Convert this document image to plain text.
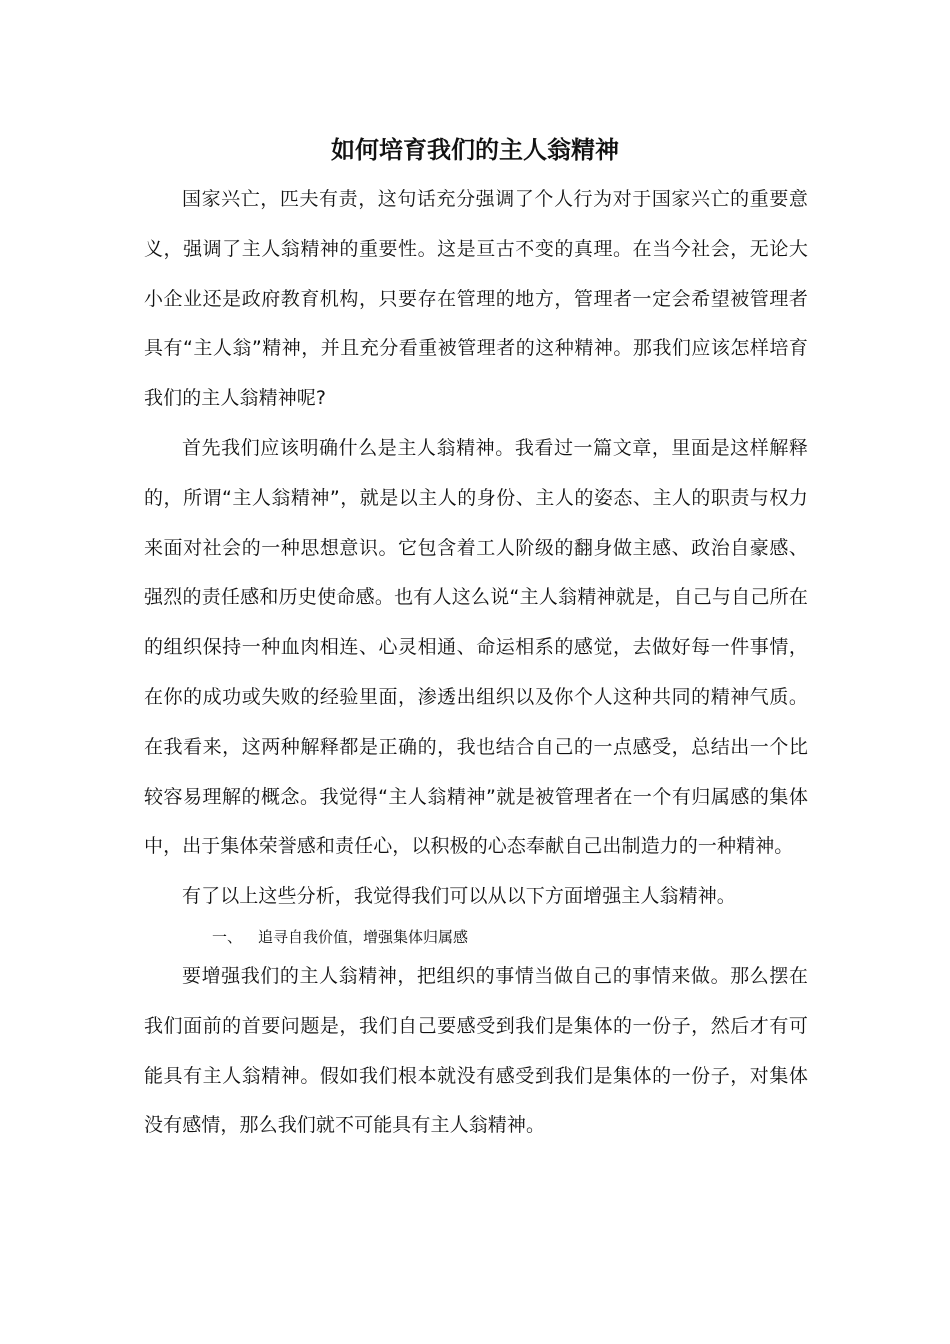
如何培育我们的主人翁精神

国家兴亡，匹夫有责，这句话充分强调了个人行为对于国家兴亡的重要意义，强调了主人翁精神的重要性。这是亘古不变的真理。在当今社会，无论大小企业还是政府教育机构，只要存在管理的地方，管理者一定会希望被管理者具有“主人翁”精神，并且充分看重被管理者的这种精神。那我们应该怎样培育我们的主人翁精神呢?

首先我们应该明确什么是主人翁精神。我看过一篇文章，里面是这样解释的，所谓“主人翁精神”，就是以主人的身份、主人的姿态、主人的职责与权力来面对社会的一种思想意识。它包含着工人阶级的翻身做主感、政治自豪感、强烈的责任感和历史使命感。也有人这么说“主人翁精神就是，自己与自己所在的组织保持一种血肉相连、心灵相通、命运相系的感觉，去做好每一件事情，在你的成功或失败的经验里面，渗透出组织以及你个人这种共同的精神气质。在我看来，这两种解释都是正确的，我也结合自己的一点感受，总结出一个比较容易理解的概念。我觉得“主人翁精神”就是被管理者在一个有归属感的集体中，出于集体荣誉感和责任心，以积极的心态奉献自己出制造力的一种精神。

有了以上这些分析，我觉得我们可以从以下方面增强主人翁精神。

一、 追寻自我价值，增强集体归属感

要增强我们的主人翁精神，把组织的事情当做自己的事情来做。那么摆在我们面前的首要问题是，我们自己要感受到我们是集体的一份子，然后才有可能具有主人翁精神。假如我们根本就没有感受到我们是集体的一份子，对集体没有感情，那么我们就不可能具有主人翁精神。
